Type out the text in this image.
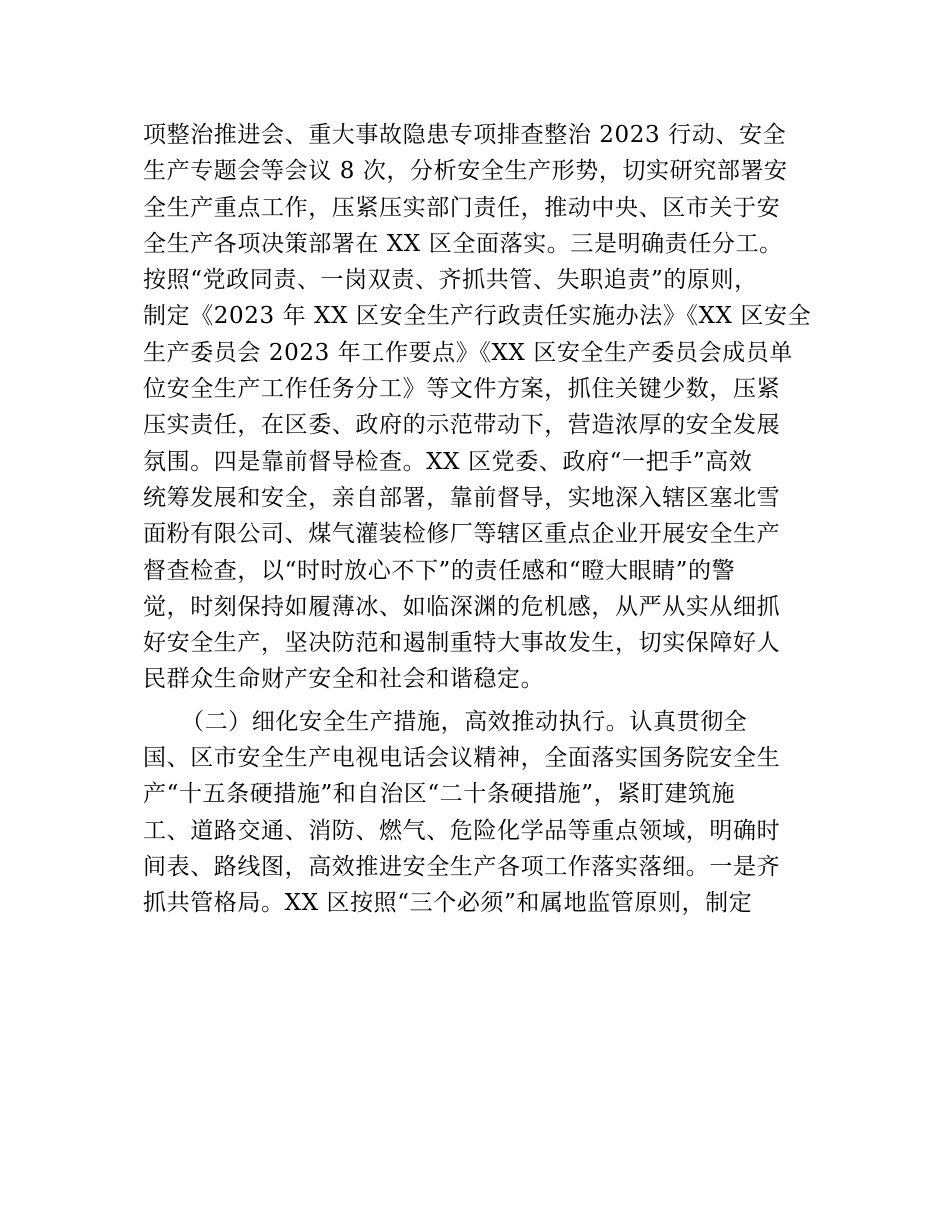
项整治推进会、重大事故隐患专项排查整治 2023 行动、安全
生产专题会等会议 8 次，分析安全生产形势，切实研究部署安
全生产重点工作，压紧压实部门责任，推动中央、区市关于安
全生产各项决策部署在 XX 区全面落实。三是明确责任分工。
按照“党政同责、一岗双责、齐抓共管、失职追责”的原则，
制定《2023 年 XX 区安全生产行政责任实施办法》《XX 区安全
生产委员会 2023 年工作要点》《XX 区安全生产委员会成员单
位安全生产工作任务分工》等文件方案，抓住关键少数，压紧
压实责任，在区委、政府的示范带动下，营造浓厚的安全发展
氛围。四是靠前督导检查。XX 区党委、政府“一把手”高效
统筹发展和安全，亲自部署，靠前督导，实地深入辖区塞北雪
面粉有限公司、煤气灌装检修厂等辖区重点企业开展安全生产
督查检查，以“时时放心不下”的责任感和“瞪大眼睛”的警
觉，时刻保持如履薄冰、如临深渊的危机感，从严从实从细抓
好安全生产，坚决防范和遏制重特大事故发生，切实保障好人
民群众生命财产安全和社会和谐稳定。

（二）细化安全生产措施，高效推动执行。认真贯彻全
国、区市安全生产电视电话会议精神，全面落实国务院安全生
产“十五条硬措施”和自治区“二十条硬措施”，紧盯建筑施
工、道路交通、消防、燃气、危险化学品等重点领域，明确时
间表、路线图，高效推进安全生产各项工作落实落细。一是齐
抓共管格局。XX 区按照“三个必须”和属地监管原则，制定
